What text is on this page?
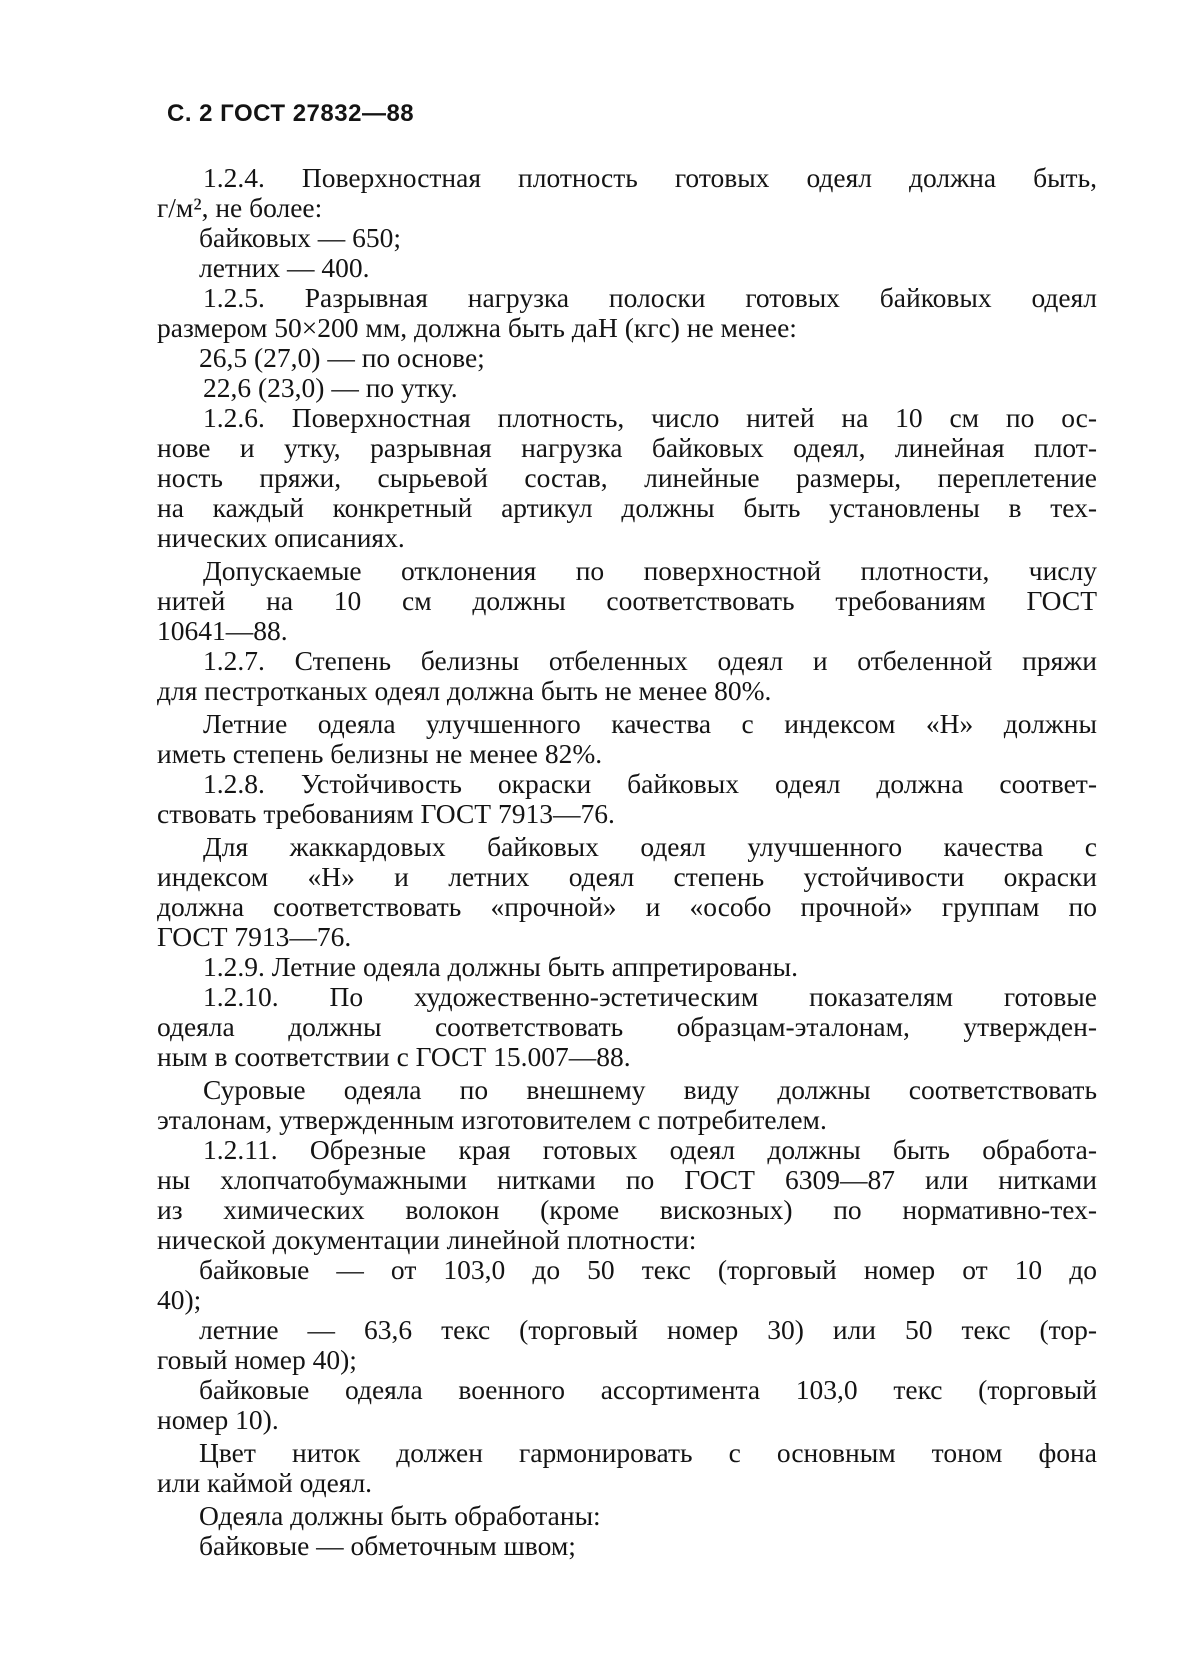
С. 2 ГОСТ 27832—88
1.2.4. Поверхностная плотность готовых одеял должна быть,
г/м², не более:
байковых — 650;
летних — 400.
1.2.5. Разрывная нагрузка полоски готовых байковых одеял
размером 50×200 мм, должна быть даН (кгс) не менее:
26,5 (27,0) — по основе;
22,6 (23,0) — по утку.
1.2.6. Поверхностная плотность, число нитей на 10 см по ос-
нове и утку, разрывная нагрузка байковых одеял, линейная плот-
ность пряжи, сырьевой состав, линейные размеры, переплетение
на каждый конкретный артикул должны быть установлены в тех-
нических описаниях.
Допускаемые отклонения по поверхностной плотности, числу
нитей на 10 см должны соответствовать требованиям ГОСТ
10641—88.
1.2.7. Степень белизны отбеленных одеял и отбеленной пряжи
для пестротканых одеял должна быть не менее 80%.
Летние одеяла улучшенного качества с индексом «Н» должны
иметь степень белизны не менее 82%.
1.2.8. Устойчивость окраски байковых одеял должна соответ-
ствовать требованиям ГОСТ 7913—76.
Для жаккардовых байковых одеял улучшенного качества с
индексом «Н» и летних одеял степень устойчивости окраски
должна соответствовать «прочной» и «особо прочной» группам по
ГОСТ 7913—76.
1.2.9. Летние одеяла должны быть аппретированы.
1.2.10. По художественно-эстетическим показателям готовые
одеяла должны соответствовать образцам-эталонам, утвержден-
ным в соответствии с ГОСТ 15.007—88.
Суровые одеяла по внешнему виду должны соответствовать
эталонам, утвержденным изготовителем с потребителем.
1.2.11. Обрезные края готовых одеял должны быть обработа-
ны хлопчатобумажными нитками по ГОСТ 6309—87 или нитками
из химических волокон (кроме вискозных) по нормативно-тех-
нической документации линейной плотности:
байковые — от 103,0 до 50 текс (торговый номер от 10 до
40);
летние — 63,6 текс (торговый номер 30) или 50 текс (тор-
говый номер 40);
байковые одеяла военного ассортимента 103,0 текс (торговый
номер 10).
Цвет ниток должен гармонировать с основным тоном фона
или каймой одеял.
Одеяла должны быть обработаны:
байковые — обметочным швом;
